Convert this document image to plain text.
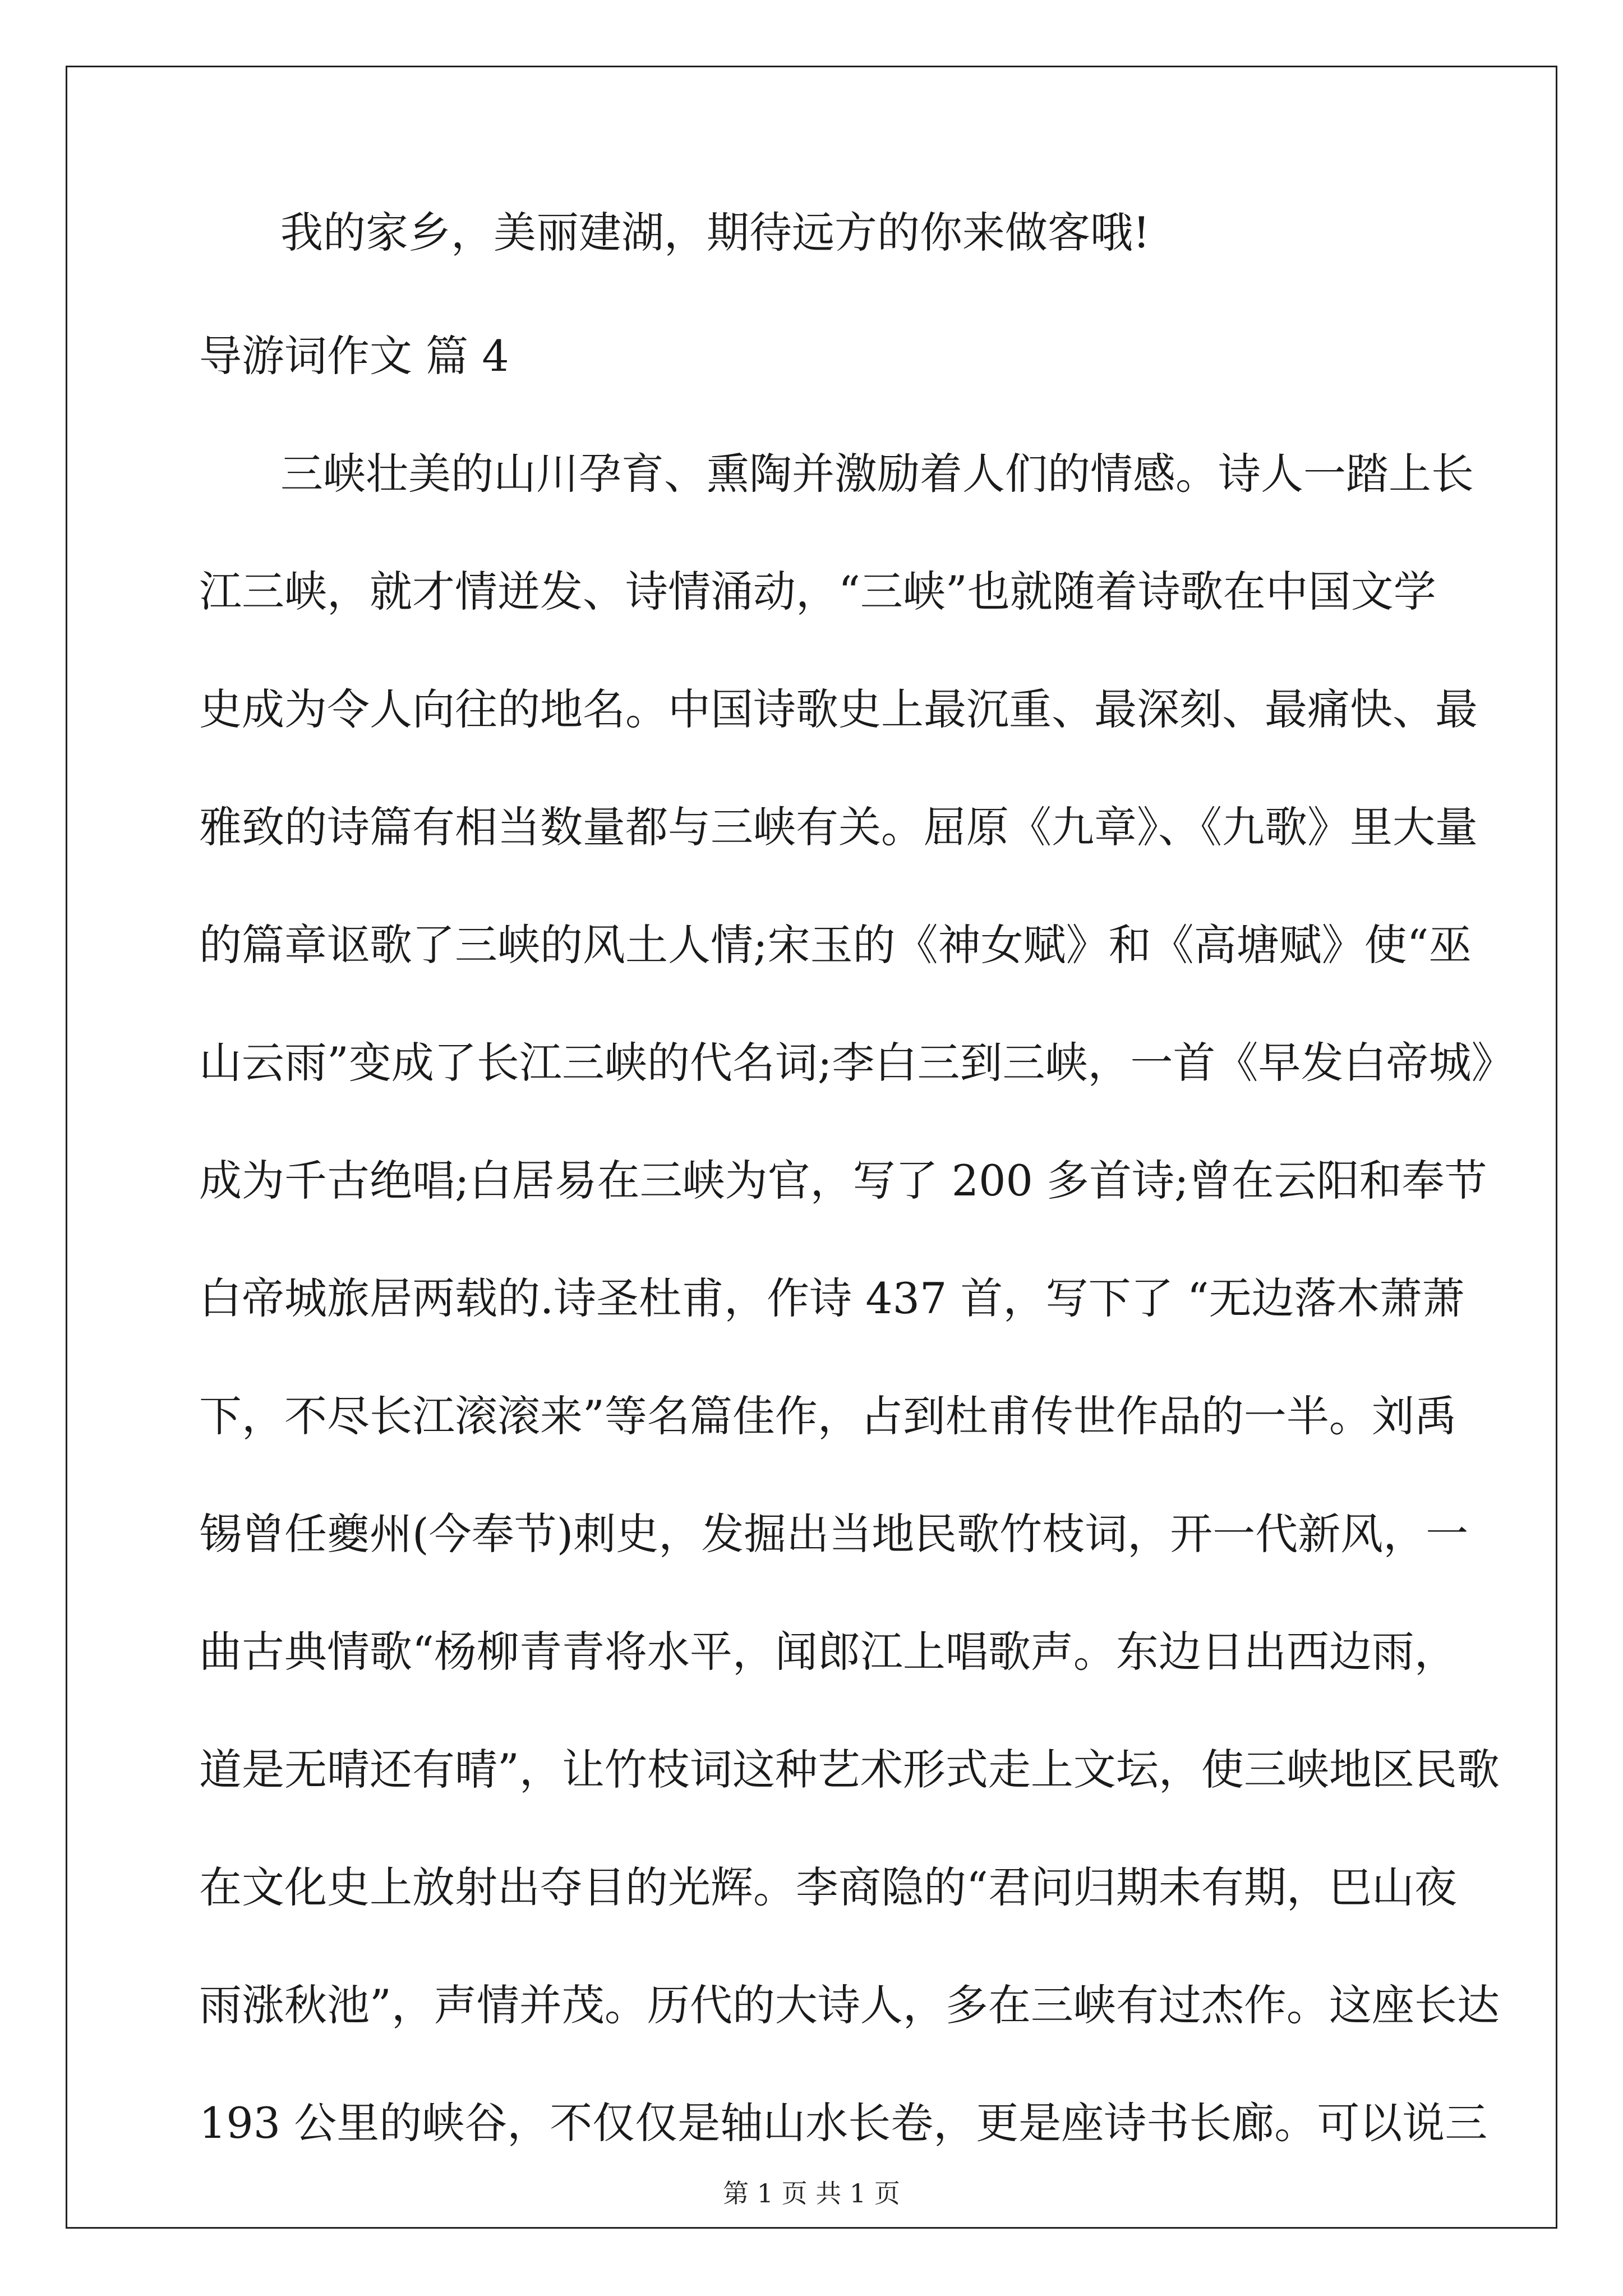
我的家乡，美丽建湖，期待远方的你来做客哦!
导游词作文 篇 4
三峡壮美的山川孕育、熏陶并激励着人们的情感。诗人一踏上长
江三峡，就才情迸发、诗情涌动，“三峡”也就随着诗歌在中国文学
史成为令人向往的地名。中国诗歌史上最沉重、最深刻、最痛快、最
雅致的诗篇有相当数量都与三峡有关。屈原《九章》、《九歌》里大量
的篇章讴歌了三峡的风土人情;宋玉的《神女赋》和《高塘赋》使“巫
山云雨”变成了长江三峡的代名词;李白三到三峡，一首《早发白帝城》
成为千古绝唱;白居易在三峡为官，写了 200 多首诗;曾在云阳和奉节
白帝城旅居两载的.诗圣杜甫，作诗 437 首，写下了 “无边落木萧萧
下，不尽长江滚滚来”等名篇佳作，占到杜甫传世作品的一半。刘禹
锡曾任夔州(今奉节)刺史，发掘出当地民歌竹枝词，开一代新风，一
曲古典情歌“杨柳青青将水平，闻郎江上唱歌声。东边日出西边雨，
道是无晴还有晴”，让竹枝词这种艺术形式走上文坛，使三峡地区民歌
在文化史上放射出夺目的光辉。李商隐的“君问归期未有期，巴山夜
雨涨秋池”，声情并茂。历代的大诗人，多在三峡有过杰作。这座长达
193 公里的峡谷，不仅仅是轴山水长卷，更是座诗书长廊。可以说三
第 1 页 共 1 页
